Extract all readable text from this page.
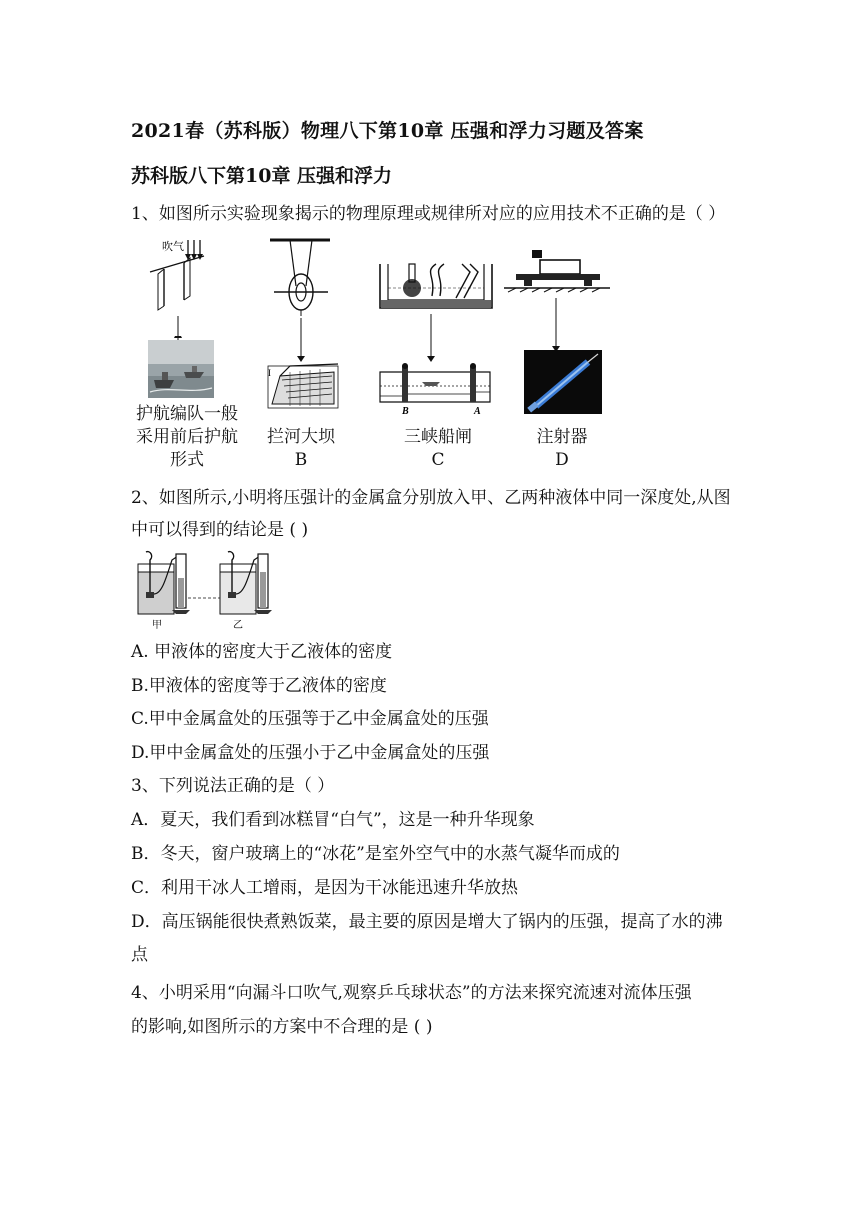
2021春（苏科版）物理八下第10章 压强和浮力习题及答案
苏科版八下第10章 压强和浮力
1、如图所示实验现象揭示的物理原理或规律所对应的应用技术不正确的是（ ）
吹气
I
B	A
护航编队一般
采用前后护航
形式
拦河大坝
B
三峡船闸
C
注射器
D
2、如图所示,小明将压强计的金属盒分别放入甲、乙两种液体中同一深度处,从图
中可以得到的结论是 ( )
甲	乙
A. 甲液体的密度大于乙液体的密度
B.甲液体的密度等于乙液体的密度
C.甲中金属盒处的压强等于乙中金属盒处的压强
D.甲中金属盒处的压强小于乙中金属盒处的压强
3、下列说法正确的是（ ）
A．夏天，我们看到冰糕冒“白气”，这是一种升华现象
B．冬天，窗户玻璃上的“冰花”是室外空气中的水蒸气凝华而成的
C．利用干冰人工增雨，是因为干冰能迅速升华放热
D．高压锅能很快煮熟饭菜，最主要的原因是增大了锅内的压强，提高了水的沸
点
4、小明采用“向漏斗口吹气,观察乒乓球状态”的方法来探究流速对流体压强
的影响,如图所示的方案中不合理的是 ( )
